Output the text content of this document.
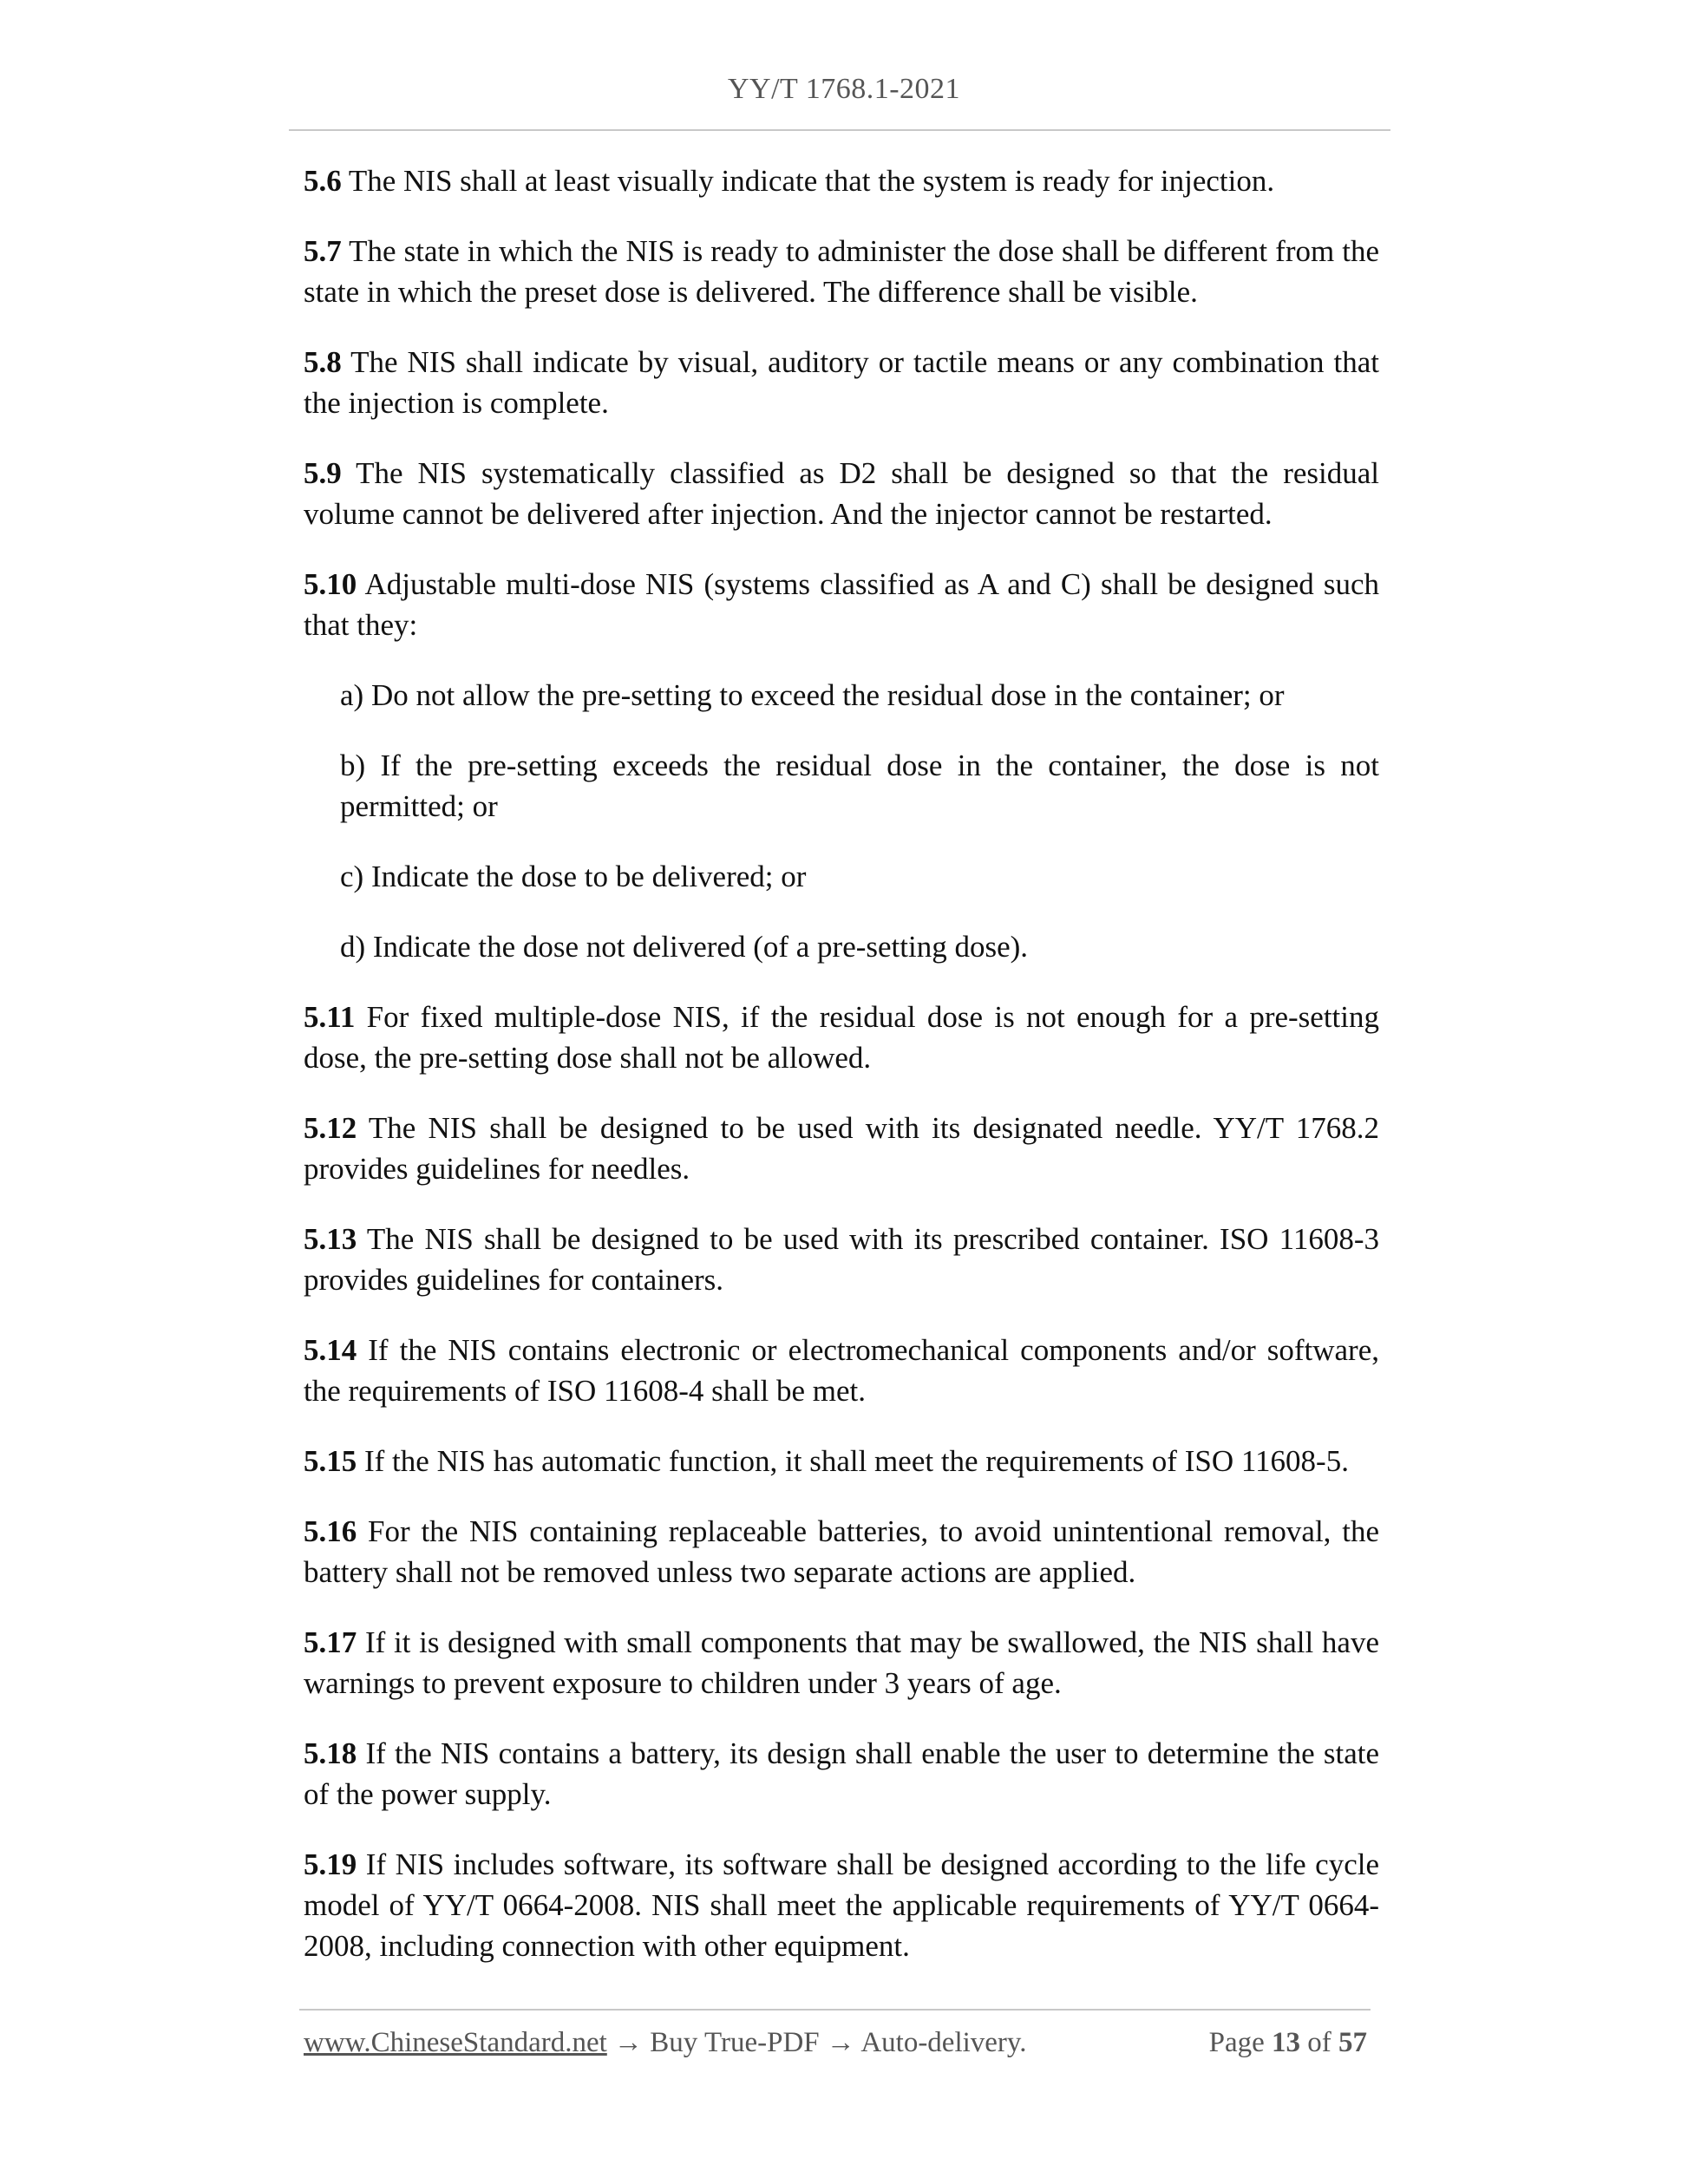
YY/T 1768.1-2021

5.6 The NIS shall at least visually indicate that the system is ready for injection.

5.7 The state in which the NIS is ready to administer the dose shall be different from the state in which the preset dose is delivered. The difference shall be visible.

5.8 The NIS shall indicate by visual, auditory or tactile means or any combination that the injection is complete.

5.9 The NIS systematically classified as D2 shall be designed so that the residual volume cannot be delivered after injection. And the injector cannot be restarted.

5.10 Adjustable multi-dose NIS (systems classified as A and C) shall be designed such that they:

a) Do not allow the pre-setting to exceed the residual dose in the container; or

b) If the pre-setting exceeds the residual dose in the container, the dose is not permitted; or

c) Indicate the dose to be delivered; or

d) Indicate the dose not delivered (of a pre-setting dose).

5.11 For fixed multiple-dose NIS, if the residual dose is not enough for a pre-setting dose, the pre-setting dose shall not be allowed.

5.12 The NIS shall be designed to be used with its designated needle. YY/T 1768.2 provides guidelines for needles.

5.13 The NIS shall be designed to be used with its prescribed container. ISO 11608-3 provides guidelines for containers.

5.14 If the NIS contains electronic or electromechanical components and/or software, the requirements of ISO 11608-4 shall be met.

5.15 If the NIS has automatic function, it shall meet the requirements of ISO 11608-5.

5.16 For the NIS containing replaceable batteries, to avoid unintentional removal, the battery shall not be removed unless two separate actions are applied.

5.17 If it is designed with small components that may be swallowed, the NIS shall have warnings to prevent exposure to children under 3 years of age.

5.18 If the NIS contains a battery, its design shall enable the user to determine the state of the power supply.

5.19 If NIS includes software, its software shall be designed according to the life cycle model of YY/T 0664-2008. NIS shall meet the applicable requirements of YY/T 0664-2008, including connection with other equipment.

www.ChineseStandard.net → Buy True-PDF → Auto-delivery.	Page 13 of 57
